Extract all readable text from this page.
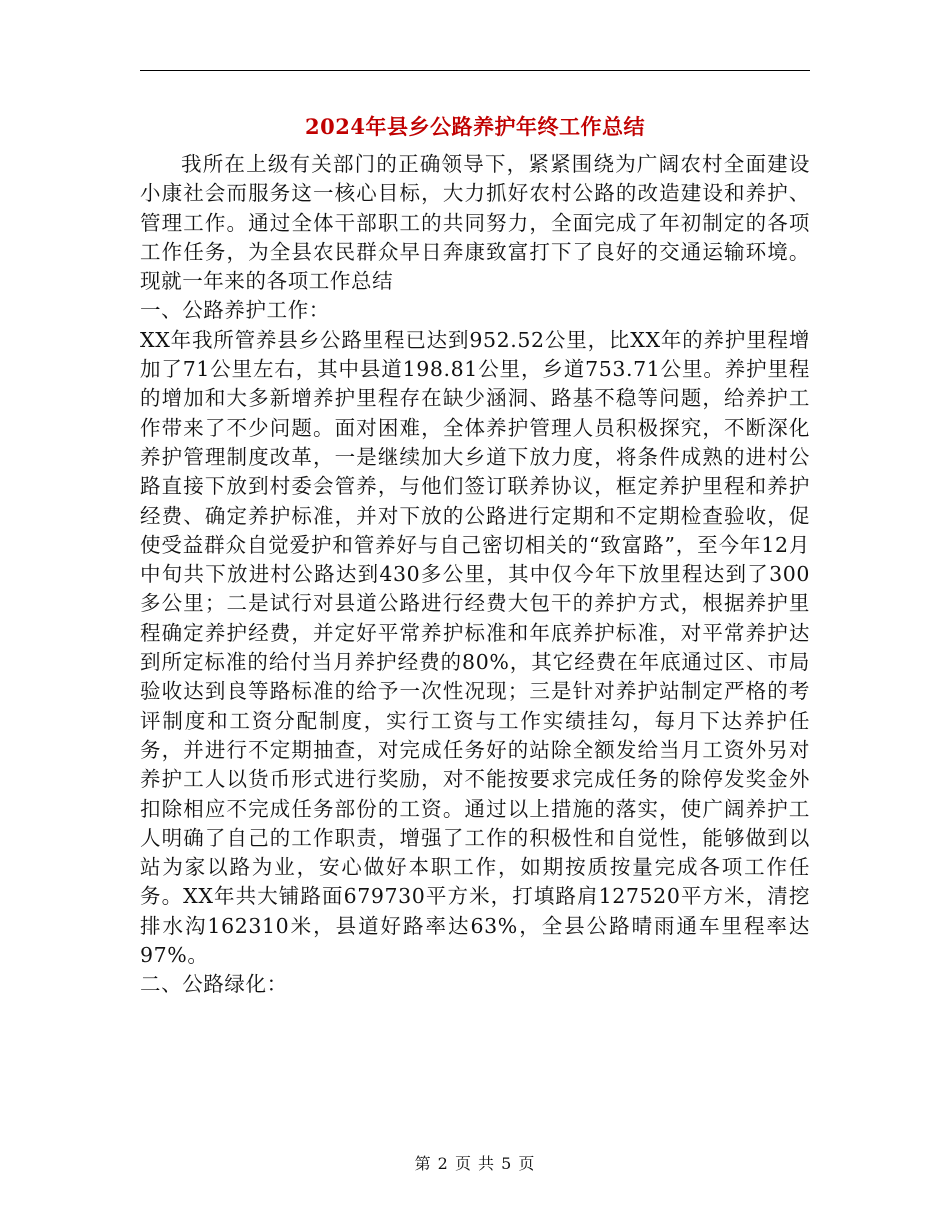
2024年县乡公路养护年终工作总结

我所在上级有关部门的正确领导下，紧紧围绕为广阔农村全面建设小康社会而服务这一核心目标，大力抓好农村公路的改造建设和养护、管理工作。通过全体干部职工的共同努力，全面完成了年初制定的各项工作任务，为全县农民群众早日奔康致富打下了良好的交通运输环境。现就一年来的各项工作总结

一、公路养护工作：

XX年我所管养县乡公路里程已达到952.52公里，比XX年的养护里程增加了71公里左右，其中县道198.81公里，乡道753.71公里。养护里程的增加和大多新增养护里程存在缺少涵洞、路基不稳等问题，给养护工作带来了不少问题。面对困难，全体养护管理人员积极探究，不断深化养护管理制度改革，一是继续加大乡道下放力度，将条件成熟的进村公路直接下放到村委会管养，与他们签订联养协议，框定养护里程和养护经费、确定养护标准，并对下放的公路进行定期和不定期检查验收，促使受益群众自觉爱护和管养好与自己密切相关的“致富路”，至今年12月中旬共下放进村公路达到430多公里，其中仅今年下放里程达到了300多公里；二是试行对县道公路进行经费大包干的养护方式，根据养护里程确定养护经费，并定好平常养护标准和年底养护标准，对平常养护达到所定标准的给付当月养护经费的80%，其它经费在年底通过区、市局验收达到良等路标准的给予一次性况现；三是针对养护站制定严格的考评制度和工资分配制度，实行工资与工作实绩挂勾，每月下达养护任务，并进行不定期抽查，对完成任务好的站除全额发给当月工资外另对养护工人以货币形式进行奖励，对不能按要求完成任务的除停发奖金外扣除相应不完成任务部份的工资。通过以上措施的落实，使广阔养护工人明确了自己的工作职责，增强了工作的积极性和自觉性，能够做到以站为家以路为业，安心做好本职工作，如期按质按量完成各项工作任务。XX年共大铺路面679730平方米，打填路肩127520平方米，清挖排水沟162310米，县道好路率达63%，全县公路晴雨通车里程率达97%。

二、公路绿化：

第 2 页 共 5 页
